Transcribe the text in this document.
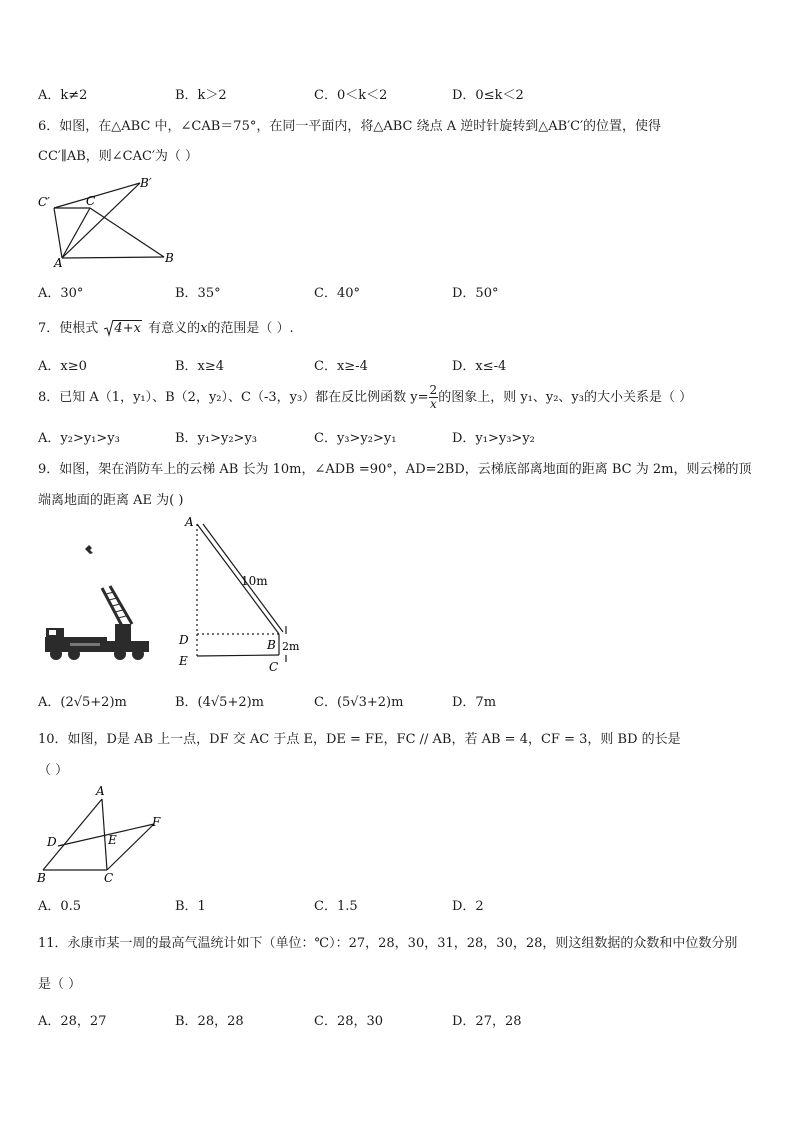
A．k≠2	B．k＞2	C．0＜k＜2	D．0≤k＜2
6．如图，在△ABC 中，∠CAB＝75°，在同一平面内，将△ABC 绕点 A 逆时针旋转到△AB′C′的位置，使得
CC′∥AB，则∠CAC′为（ ）
C′	C
B′
A	B
A．30°	B．35°	C．40°	D．50°
7．使根式 4+x 有意义的x的范围是（ ）.
A．x≥0	B．x≥4	C．x≥-4	D．x≤-4
8．已知 A（1，y₁）、B（2，y₂）、C（-3，y₃）都在反比例函数 $y= \frac{2}{x}$ 的图象上，则 y₁、y₂、y₃的大小关系是（ ）
A．y₂>y₁>y₃	B．y₁>y₂>y₃	C．y₃>y₂>y₁	D．y₁>y₃>y₂
9．如图，架在消防车上的云梯 AB 长为 10m，∠ADB =90°，AD=2BD，云梯底部离地面的距离 BC 为 2m，则云梯的顶
端离地面的距离 AE 为( )
A
D
E
B
C
10m
2m
A．(2√5+2)m	B．(4√5+2)m	C．(5√3+2)m	D．7m
10．如图，D是 AB 上一点，DF 交 AC 于点 E，DE = FE，FC // AB，若 AB = 4，CF = 3，则 BD 的长是
（ ）
A
D	E
F
B	C
A．0.5	B．1	C．1.5	D．2
11．永康市某一周的最高气温统计如下（单位：℃）：27，28，30，31，28，30，28，则这组数据的众数和中位数分别
是（ ）
A．28，27	B．28，28	C．28，30	D．27，28
